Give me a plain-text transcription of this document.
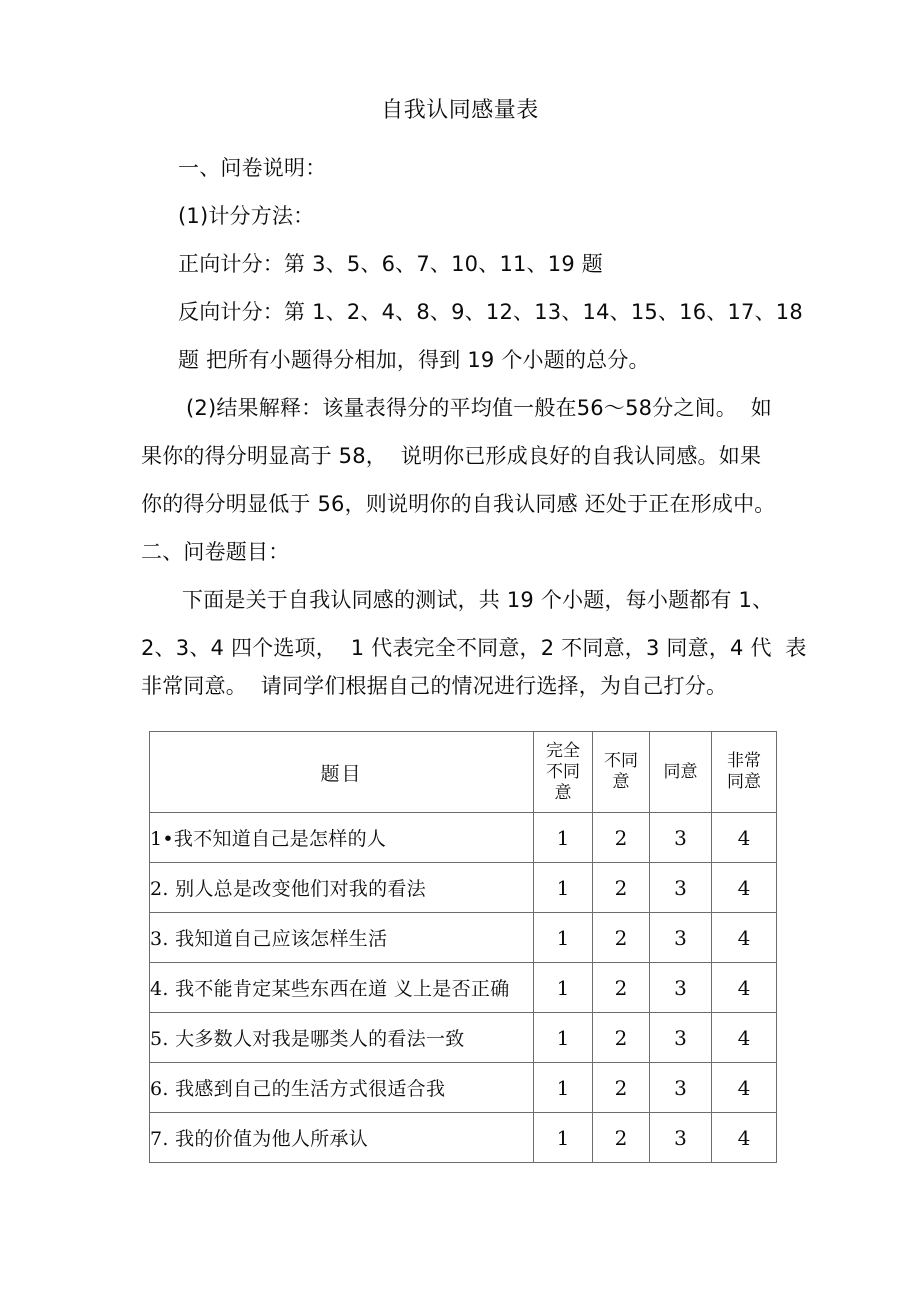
自我认同感量表
一、问卷说明：
(1)计分方法：
正向计分：第 3、5、6、7、10、11、19 题
反向计分：第 1、2、4、8、9、12、13、14、15、16、17、18
题 把所有小题得分相加，得到 19 个小题的总分。
(2)结果解释：该量表得分的平均值一般在56〜58分之间。  如
果你的得分明显高于 58，  说明你已形成良好的自我认同感。如果
你的得分明显低于 56，则说明你的自我认同感 还处于正在形成中。
二、问卷题目：
下面是关于自我认同感的测试，共 19 个小题，每小题都有 1、
2、3、4 四个选项，  1 代表完全不同意，2 不同意，3 同意，4 代  表
非常同意。  请同学们根据自己的情况进行选择，为自己打分。
题目	完全
不同
意	不同
意	同意	非常
同意

1•我不知道自己是怎样的人	1	2	3	4
2. 别人总是改变他们对我的看法	1	2	3	4
3. 我知道自己应该怎样生活	1	2	3	4
4. 我不能肯定某些东西在道 义上是否正确	1	2	3	4
5. 大多数人对我是哪类人的看法一致	1	2	3	4
6. 我感到自己的生活方式很适合我	1	2	3	4
7. 我的价值为他人所承认	1	2	3	4
